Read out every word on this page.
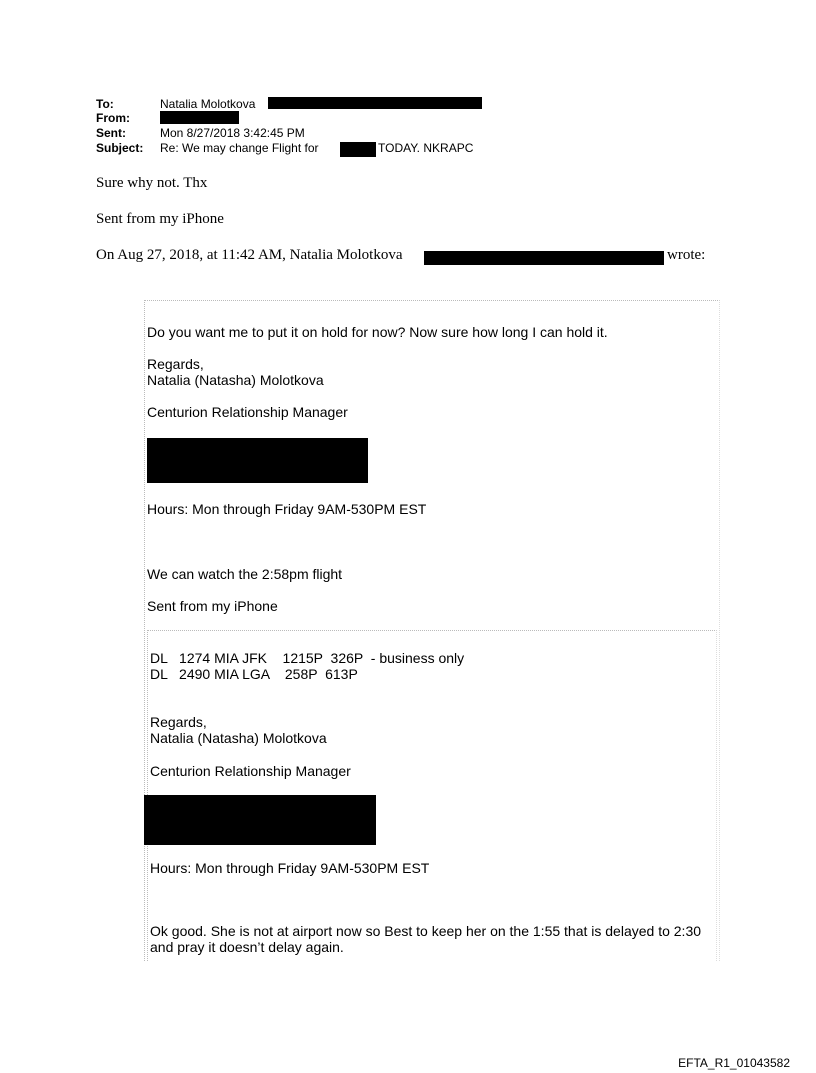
To:	Natalia Molotkova
From:
Sent:	Mon 8/27/2018 3:42:45 PM
Subject: Re: We may change Flight for	TODAY. NKRAPC
Sure why not. Thx
Sent from my iPhone
On Aug 27, 2018, at 11:42 AM, Natalia Molotkova	wrote:
Do you want me to put it on hold for now? Now sure how long I can hold it.
Regards,
Natalia (Natasha) Molotkova
Centurion Relationship Manager
Hours: Mon through Friday 9AM-530PM EST
We can watch the 2:58pm flight
Sent from my iPhone
DL   1274 MIA JFK    1215P  326P  - business only
DL   2490 MIA LGA    258P  613P
Regards,
Natalia (Natasha) Molotkova
Centurion Relationship Manager
Hours: Mon through Friday 9AM-530PM EST
Ok good. She is not at airport now so Best to keep her on the 1:55 that is delayed to 2:30
and pray it doesn’t delay again.
EFTA_R1_01043582
